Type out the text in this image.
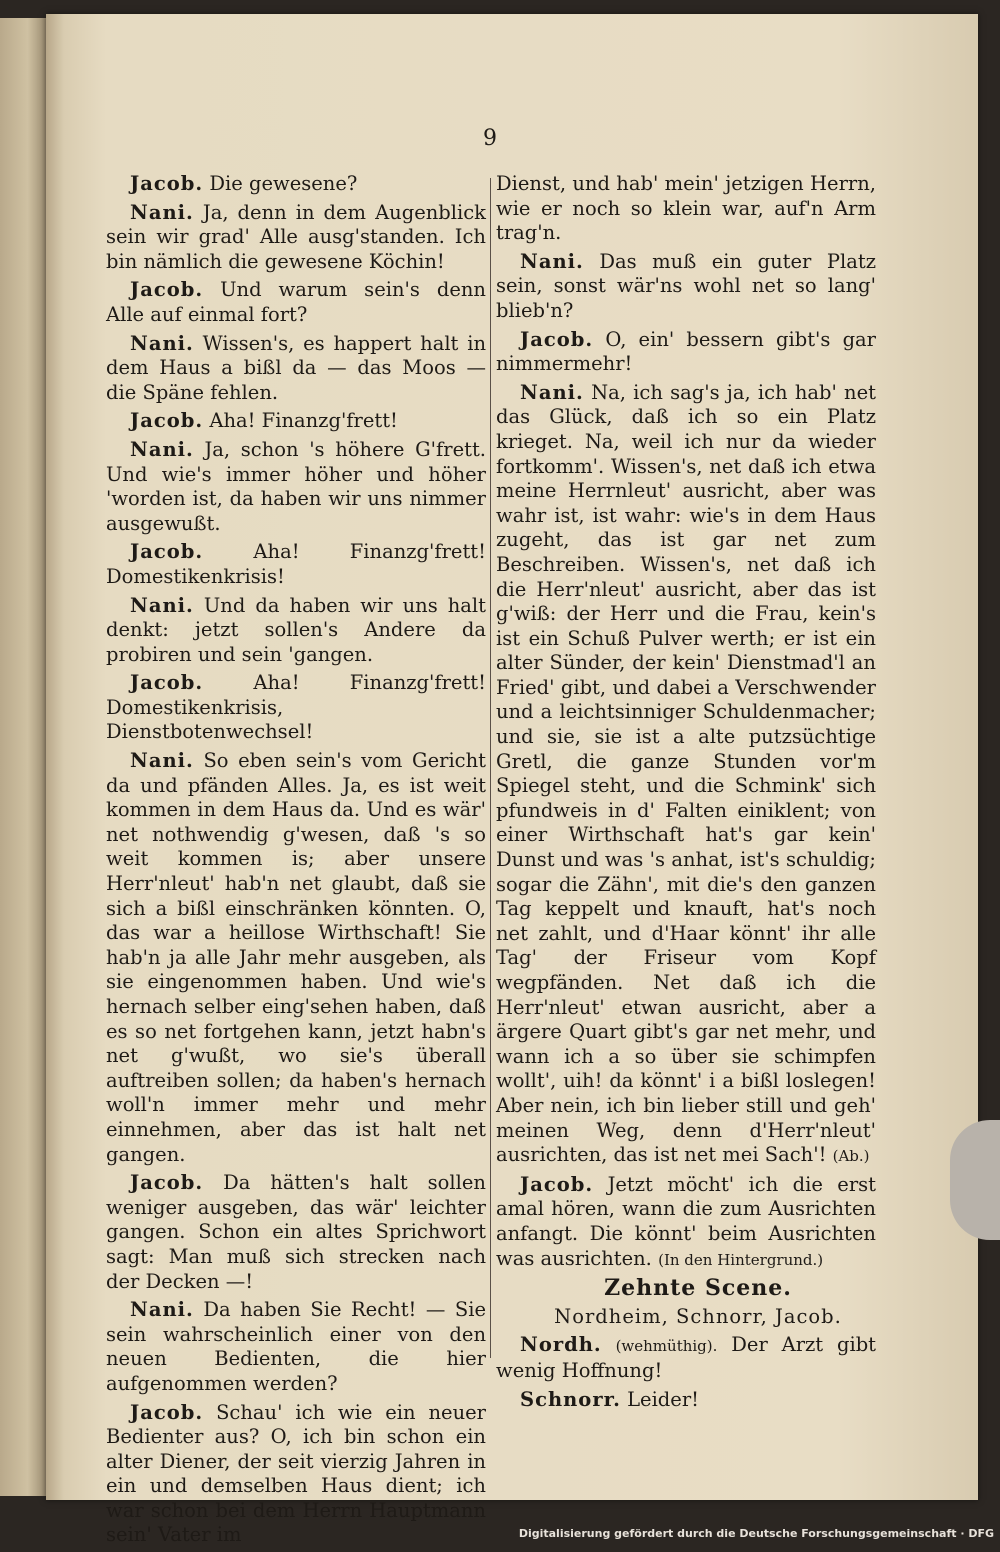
9

Jacob. Die gewesene?

Nani. Ja, denn in dem Augenblick sein wir grad' Alle ausg'standen. Ich bin nämlich die gewesene Köchin!

Jacob. Und warum sein's denn Alle auf einmal fort?

Nani. Wissen's, es happert halt in dem Haus a bißl da — das Moos — die Späne fehlen.

Jacob. Aha! Finanzg'frett!

Nani. Ja, schon 's höhere G'frett. Und wie's immer höher und höher 'worden ist, da haben wir uns nimmer ausgewußt.

Jacob.	Aha! Finanzg'frett! Domestikenkrisis!

Nani. Und da haben wir uns halt denkt: jetzt sollen's Andere da probiren und sein 'gangen.

Jacob.	Aha! Finanzg'frett! Domestikenkrisis, Dienstbotenwechsel!

Nani. So eben sein's vom Gericht da und pfänden Alles. Ja, es ist weit kommen in dem Haus da. Und es wär' net nothwendig g'wesen, daß 's so weit kommen is; aber unsere Herr'nleut' hab'n net glaubt, daß sie sich a bißl einschränken könnten. O, das war a heillose Wirthschaft! Sie hab'n ja alle Jahr mehr ausgeben, als sie eingenommen haben. Und wie's hernach selber eing'sehen haben, daß es so net fortgehen kann, jetzt habn's net g'wußt, wo sie's überall auftreiben sollen; da haben's hernach woll'n immer mehr und mehr einnehmen, aber das ist halt net gangen.

Jacob. Da hätten's halt sollen weniger ausgeben, das wär' leichter gangen. Schon ein altes Sprichwort sagt: Man muß sich strecken nach der Decken —!

Nani. Da haben Sie Recht! — Sie sein wahrscheinlich einer von den neuen Bedienten, die hier aufgenommen werden?

Jacob. Schau' ich wie ein neuer Bedienter aus? O, ich bin schon ein alter Diener, der seit vierzig Jahren in ein und demselben Haus dient; ich war schon bei dem Herrn Hauptmann sein' Vater im

Dienst, und hab' mein' jetzigen Herrn, wie er noch so klein war, auf'n Arm trag'n.

Nani. Das muß ein guter Platz sein, sonst wär'ns wohl net so lang' blieb'n?

Jacob. O, ein' bessern gibt's gar nimmermehr!

Nani. Na, ich sag's ja, ich hab' net das Glück, daß ich so ein Platz krieget. Na, weil ich nur da wieder fortkomm'. Wissen's, net daß ich etwa meine Herrnleut' ausricht, aber was wahr ist, ist wahr: wie's in dem Haus zugeht, das ist gar net zum Beschreiben. Wissen's, net daß ich die Herr'nleut' ausricht, aber das ist g'wiß: der Herr und die Frau, kein's ist ein Schuß Pulver werth; er ist ein alter Sünder, der kein' Dienstmad'l an Fried' gibt, und dabei a Verschwender und a leichtsinniger Schuldenmacher; und sie, sie ist a alte putzsüchtige Gretl, die ganze Stunden vor'm Spiegel steht, und die Schmink' sich pfundweis in d' Falten einiklent; von einer Wirthschaft hat's gar kein' Dunst und was 's anhat, ist's schuldig; sogar die Zähn', mit die's den ganzen Tag keppelt und knauft, hat's noch net zahlt, und d'Haar könnt' ihr alle Tag' der Friseur vom Kopf wegpfänden. Net daß ich die Herr'nleut' etwan ausricht, aber a ärgere Quart gibt's gar net mehr, und wann ich a so über sie schimpfen wollt', uih! da könnt' i a bißl loslegen! Aber nein, ich bin lieber still und geh' meinen Weg, denn d'Herr'nleut' ausrichten, das ist net mei Sach'! (Ab.)

Jacob. Jetzt möcht' ich die erst amal hören, wann die zum Ausrichten anfangt. Die könnt' beim Ausrichten was ausrichten. (In den Hintergrund.)

Zehnte Scene.

Nordheim, Schnorr, Jacob.

Nordh. (wehmüthig). Der Arzt gibt wenig Hoffnung!

Schnorr. Leider!

Digitalisierung gefördert durch die Deutsche Forschungsgemeinschaft · DFG
